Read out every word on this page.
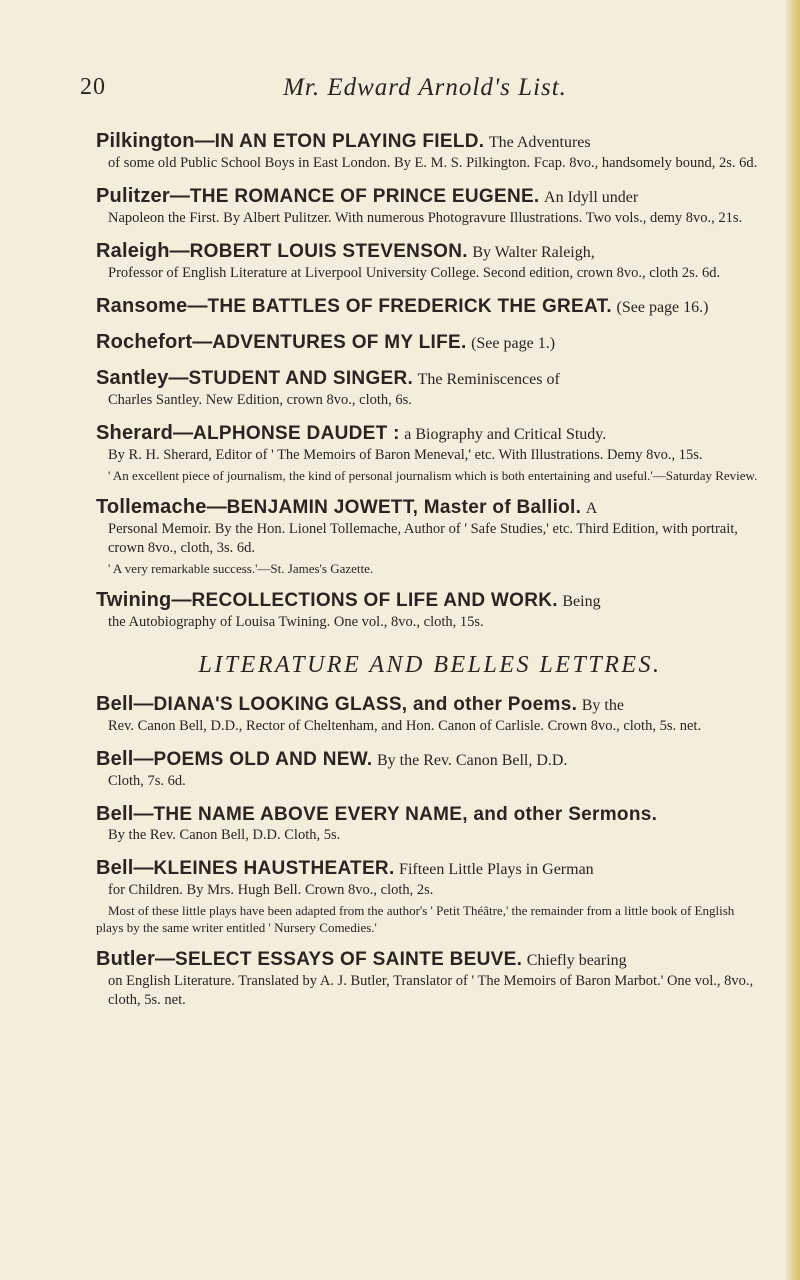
20	Mr. Edward Arnold's List.

Pilkington—IN AN ETON PLAYING FIELD. The Adventures

of some old Public School Boys in East London. By E. M. S. Pilkington. Fcap. 8vo., handsomely bound, 2s. 6d.

Pulitzer—THE ROMANCE OF PRINCE EUGENE. An Idyll under

Napoleon the First. By Albert Pulitzer. With numerous Photogravure Illustrations. Two vols., demy 8vo., 21s.

Raleigh—ROBERT LOUIS STEVENSON. By Walter Raleigh,

Professor of English Literature at Liverpool University College. Second edition, crown 8vo., cloth 2s. 6d.

Ransome—THE BATTLES OF FREDERICK THE GREAT. (See page 16.)

Rochefort—ADVENTURES OF MY LIFE. (See page 1.)

Santley—STUDENT AND SINGER. The Reminiscences of

Charles Santley. New Edition, crown 8vo., cloth, 6s.

Sherard—ALPHONSE DAUDET : a Biography and Critical Study.

By R. H. Sherard, Editor of ' The Memoirs of Baron Meneval,' etc. With Illustrations. Demy 8vo., 15s.

' An excellent piece of journalism, the kind of personal journalism which is both entertaining and useful.'—Saturday Review.

Tollemache—BENJAMIN JOWETT, Master of Balliol. A

Personal Memoir. By the Hon. Lionel Tollemache, Author of ' Safe Studies,' etc. Third Edition, with portrait, crown 8vo., cloth, 3s. 6d.

' A very remarkable success.'—St. James's Gazette.

Twining—RECOLLECTIONS OF LIFE AND WORK. Being

the Autobiography of Louisa Twining. One vol., 8vo., cloth, 15s.

LITERATURE AND BELLES LETTRES.

Bell—DIANA'S LOOKING GLASS, and other Poems. By the

Rev. Canon Bell, D.D., Rector of Cheltenham, and Hon. Canon of Carlisle. Crown 8vo., cloth, 5s. net.

Bell—POEMS OLD AND NEW. By the Rev. Canon Bell, D.D.

Cloth, 7s. 6d.

Bell—THE NAME ABOVE EVERY NAME, and other Sermons.

By the Rev. Canon Bell, D.D. Cloth, 5s.

Bell—KLEINES HAUSTHEATER. Fifteen Little Plays in German

for Children. By Mrs. Hugh Bell. Crown 8vo., cloth, 2s.

Most of these little plays have been adapted from the author's ' Petit Théâtre,' the remainder from a little book of English plays by the same writer entitled ' Nursery Comedies.'

Butler—SELECT ESSAYS OF SAINTE BEUVE. Chiefly bearing

on English Literature. Translated by A. J. Butler, Translator of ' The Memoirs of Baron Marbot.' One vol., 8vo., cloth, 5s. net.
